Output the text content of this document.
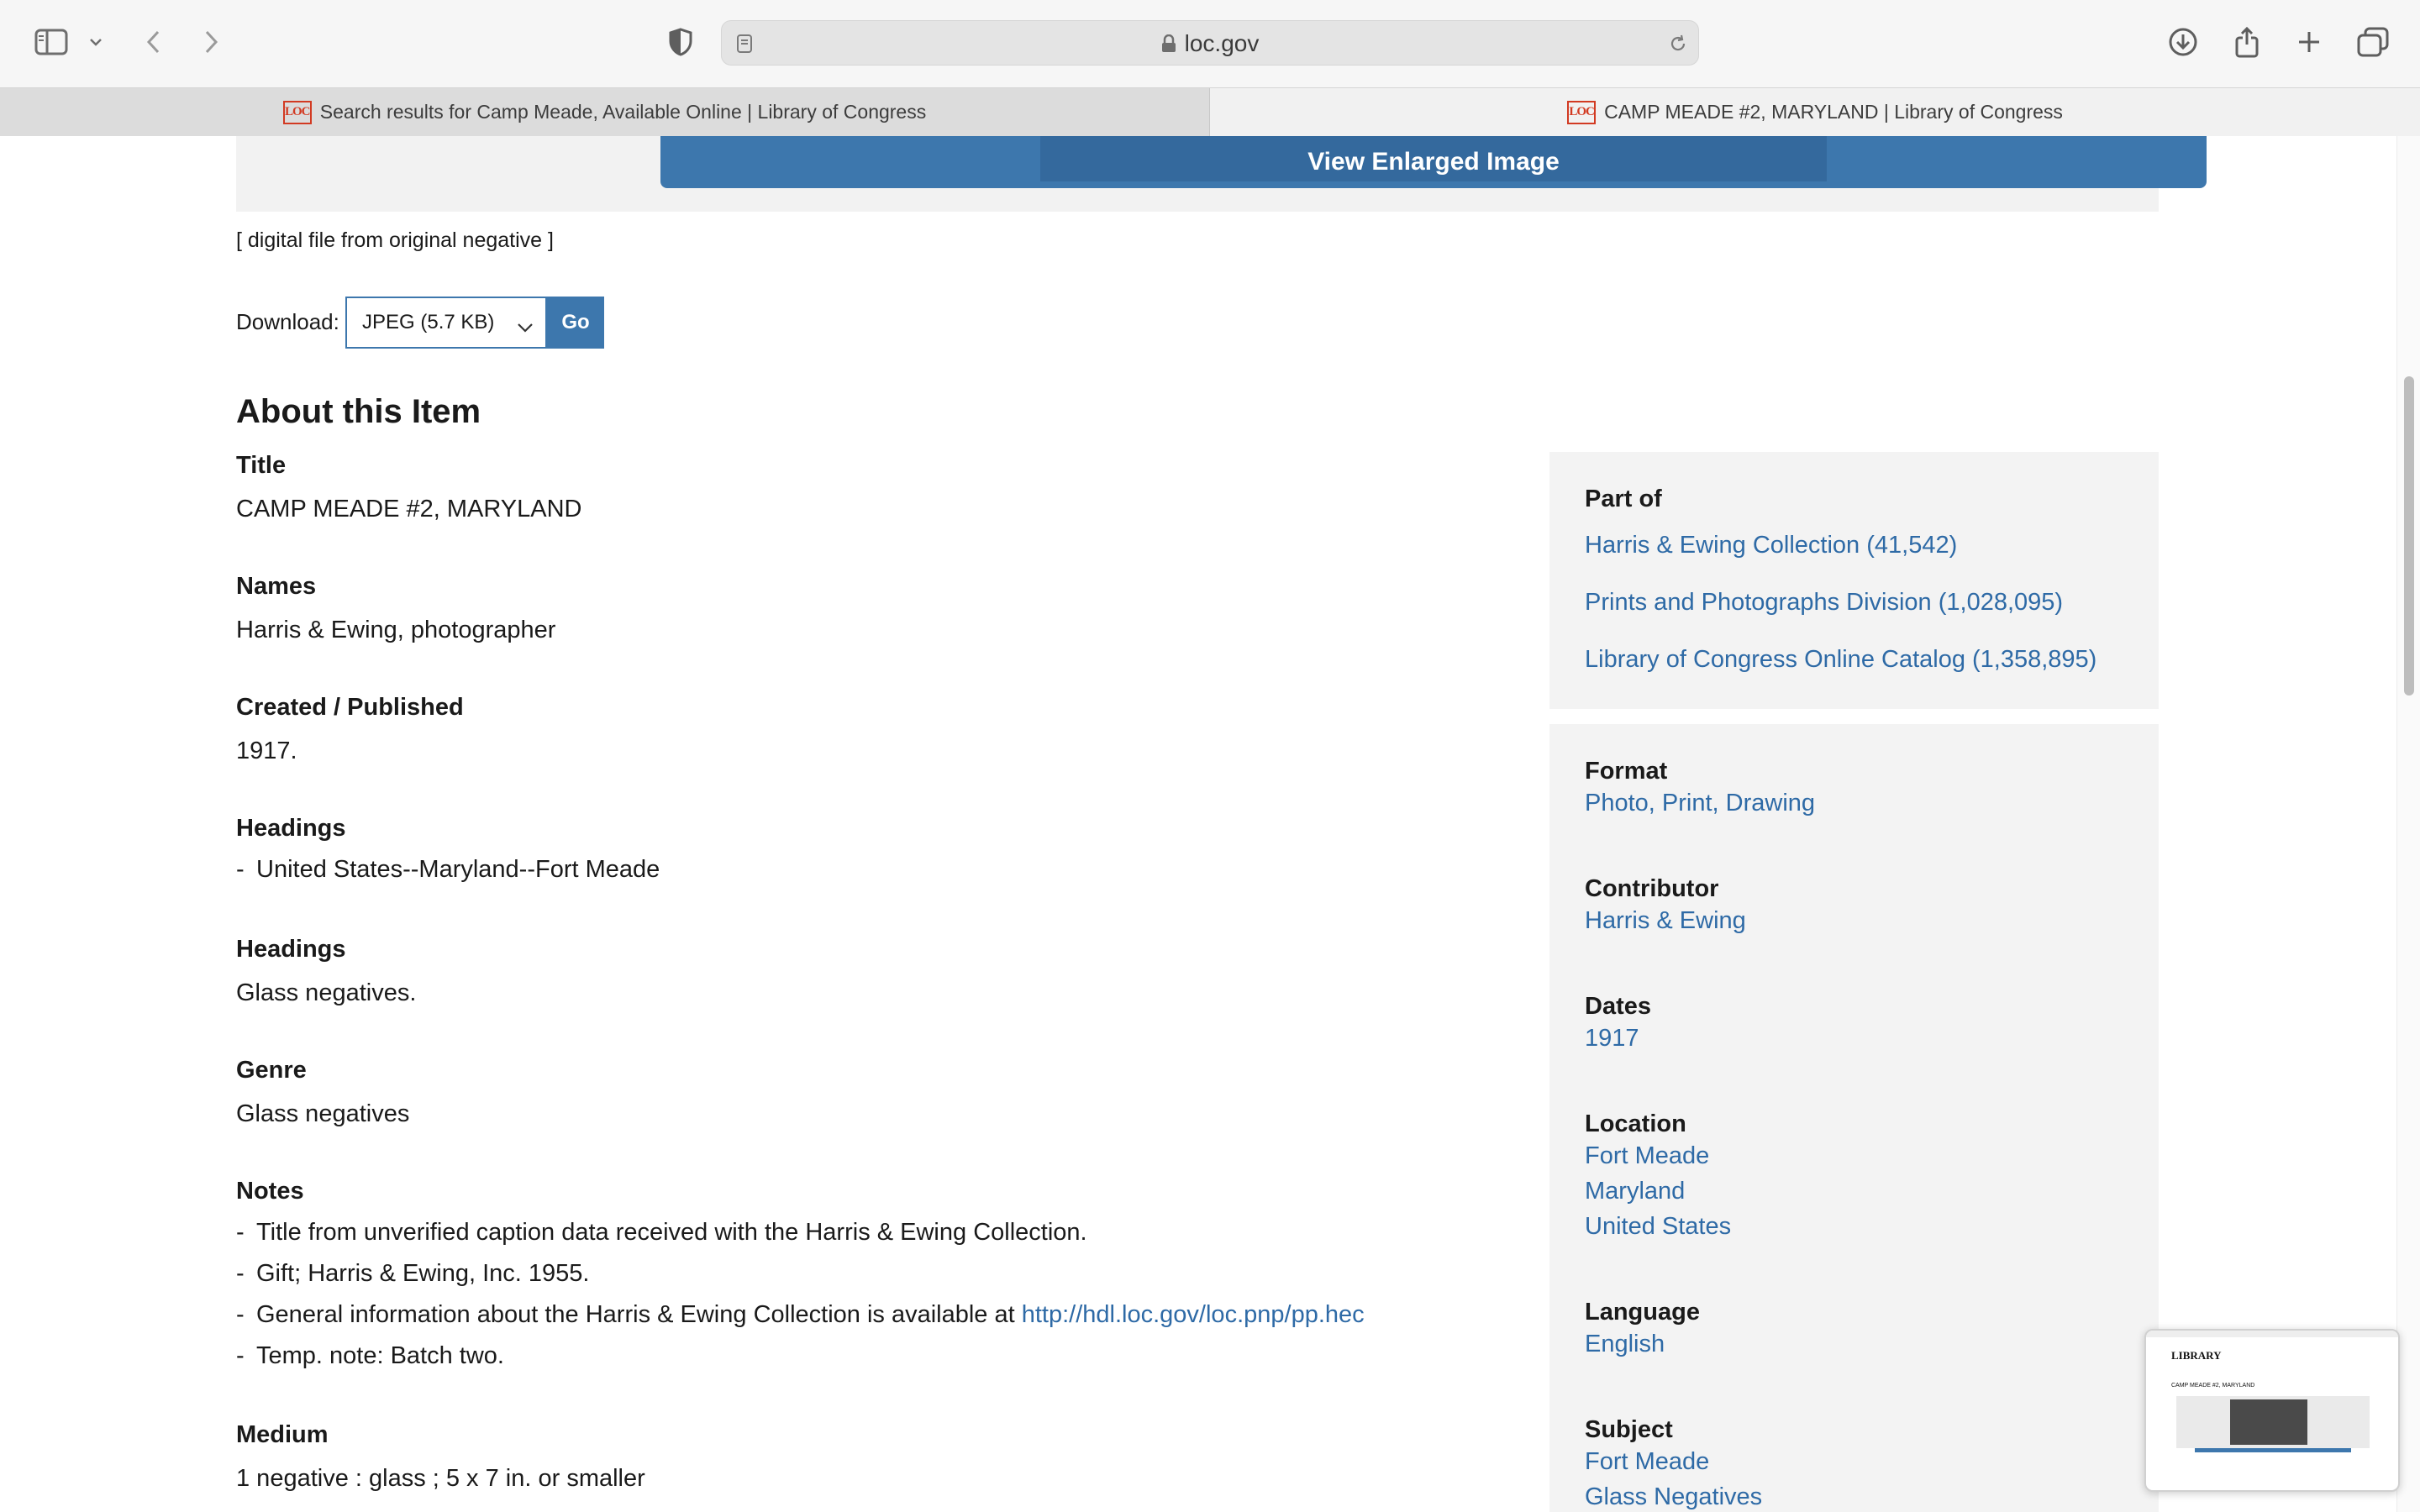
loc.gov
LOC Search results for Camp Meade, Available Online | Library of Congress	LOC CAMP MEADE #2, MARYLAND | Library of Congress
View Enlarged Image
[ digital file from original negative ]
Download: JPEG (5.7 KB)	Go
About this Item
Title
CAMP MEADE #2, MARYLAND
Names
Harris & Ewing, photographer
Created / Published
1917.
Headings
- United States--Maryland--Fort Meade
Headings
Glass negatives.
Genre
Glass negatives
Notes
- Title from unverified caption data received with the Harris & Ewing Collection.
- Gift; Harris & Ewing, Inc. 1955.
- General information about the Harris & Ewing Collection is available at http://hdl.loc.gov/loc.pnp/pp.hec
- Temp. note: Batch two.
Medium
1 negative : glass ; 5 x 7 in. or smaller
Part of
Harris & Ewing Collection (41,542)
Prints and Photographs Division (1,028,095)
Library of Congress Online Catalog (1,358,895)
Format
Photo, Print, Drawing
Contributor
Harris & Ewing
Dates
1917
Location
Fort Meade
Maryland
United States
Language
English
Subject
Fort Meade
Glass Negatives
LIBRARY
CAMP MEADE #2, MARYLAND
